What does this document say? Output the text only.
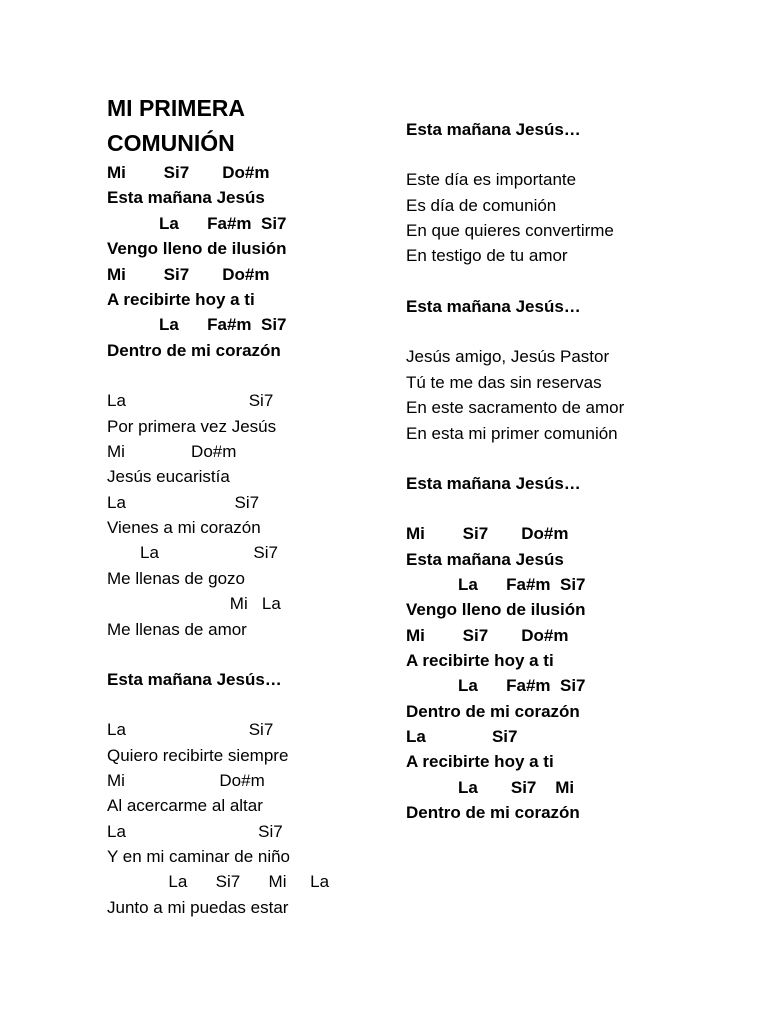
MI PRIMERA
COMUNIÓN
Mi        Si7       Do#m
Esta mañana Jesús
La      Fa#m  Si7
Vengo lleno de ilusión
Mi        Si7       Do#m
A recibirte hoy a ti
La      Fa#m  Si7
Dentro de mi corazón
La                          Si7
Por primera vez Jesús
Mi              Do#m
Jesús eucaristía
La                       Si7
Vienes a mi corazón
La                    Si7
Me llenas de gozo
Mi   La
Me llenas de amor
Esta mañana Jesús…
La                          Si7
Quiero recibirte siempre
Mi                    Do#m
Al acercarme al altar
La                            Si7
Y en mi caminar de niño
La      Si7      Mi     La
Junto a mi puedas estar
Esta mañana Jesús…
Este día es importante
Es día de comunión
En que quieres convertirme
En testigo de tu amor
Esta mañana Jesús…
Jesús amigo, Jesús Pastor
Tú te me das sin reservas
En este sacramento de amor
En esta mi primer comunión
Esta mañana Jesús…
Mi        Si7       Do#m
Esta mañana Jesús
La      Fa#m  Si7
Vengo lleno de ilusión
Mi        Si7       Do#m
A recibirte hoy a ti
La      Fa#m  Si7
Dentro de mi corazón
La              Si7
A recibirte hoy a ti
La       Si7    Mi
Dentro de mi corazón
